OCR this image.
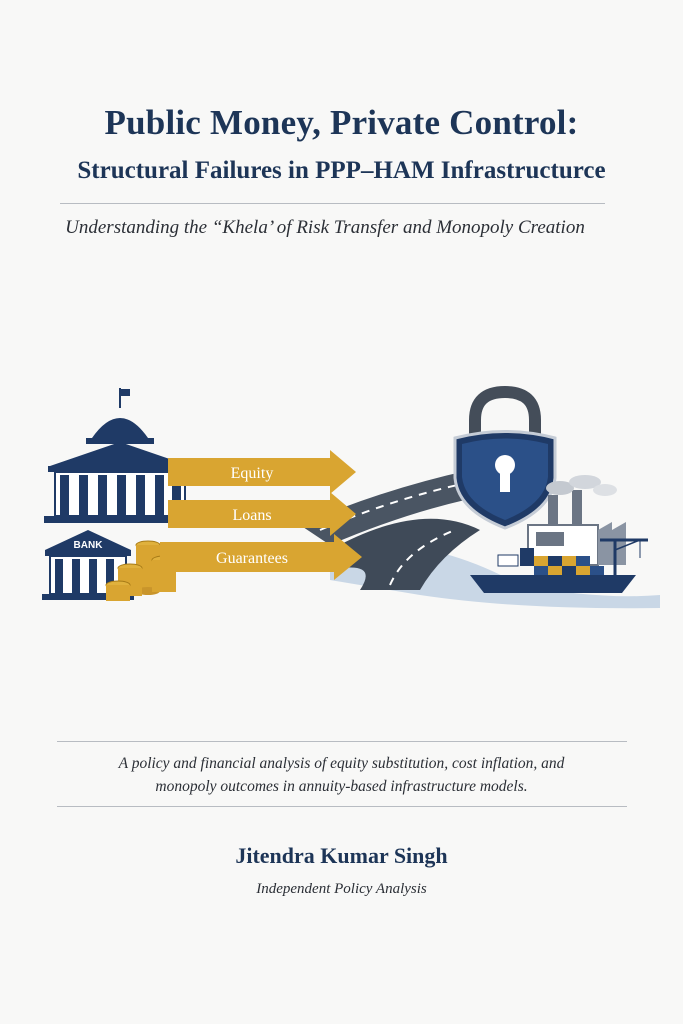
Public Money, Private Control:
Structural Failures in PPP–HAM Infrastructurce
Understanding the “Khela’ of Risk Transfer and Monopoly Creation
BANK
Equity
Loans
Guarantees
A policy and financial analysis of equity substitution, cost inflation, and
monopoly outcomes in annuity-based infrastructure models.
Jitendra Kumar Singh
Independent Policy Analysis
